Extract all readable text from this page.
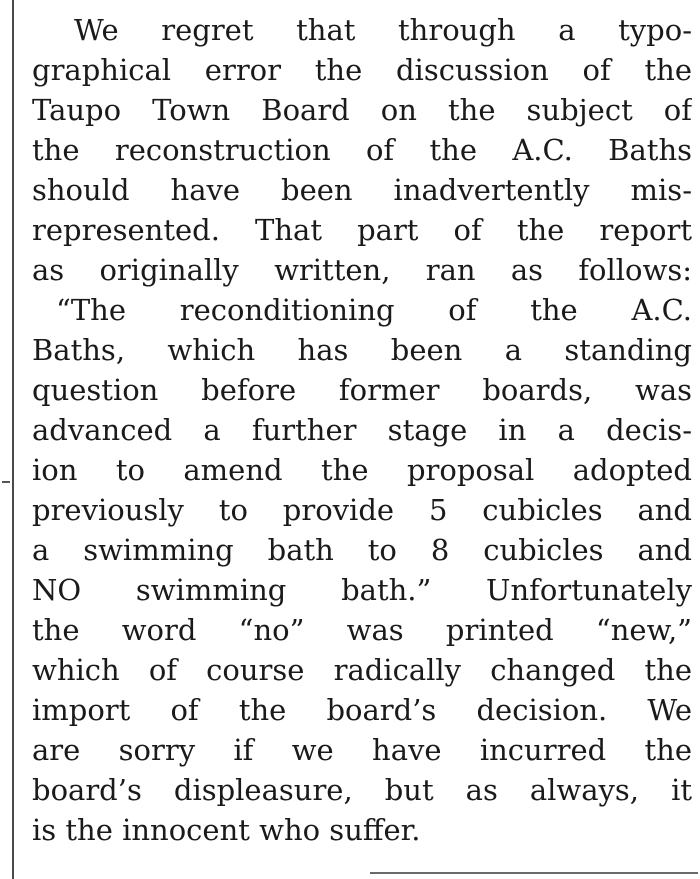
We regret that through a typo-
graphical error the discussion of the
Taupo Town Board on the subject of
the reconstruction of the A.C. Baths
should have been inadvertently mis-
represented. That part of the report
as originally written, ran as follows:
“The reconditioning of the A.C.
Baths, which has been a standing
question before former boards, was
advanced a further stage in a decis-
ion to amend the proposal adopted
previously to provide 5 cubicles and
a swimming bath to 8 cubicles and
NO swimming bath.” Unfortunately
the word “no” was printed “new,”
which of course radically changed the
import of the board’s decision. We
are sorry if we have incurred the
board’s displeasure, but as always, it
is the innocent who suffer.
